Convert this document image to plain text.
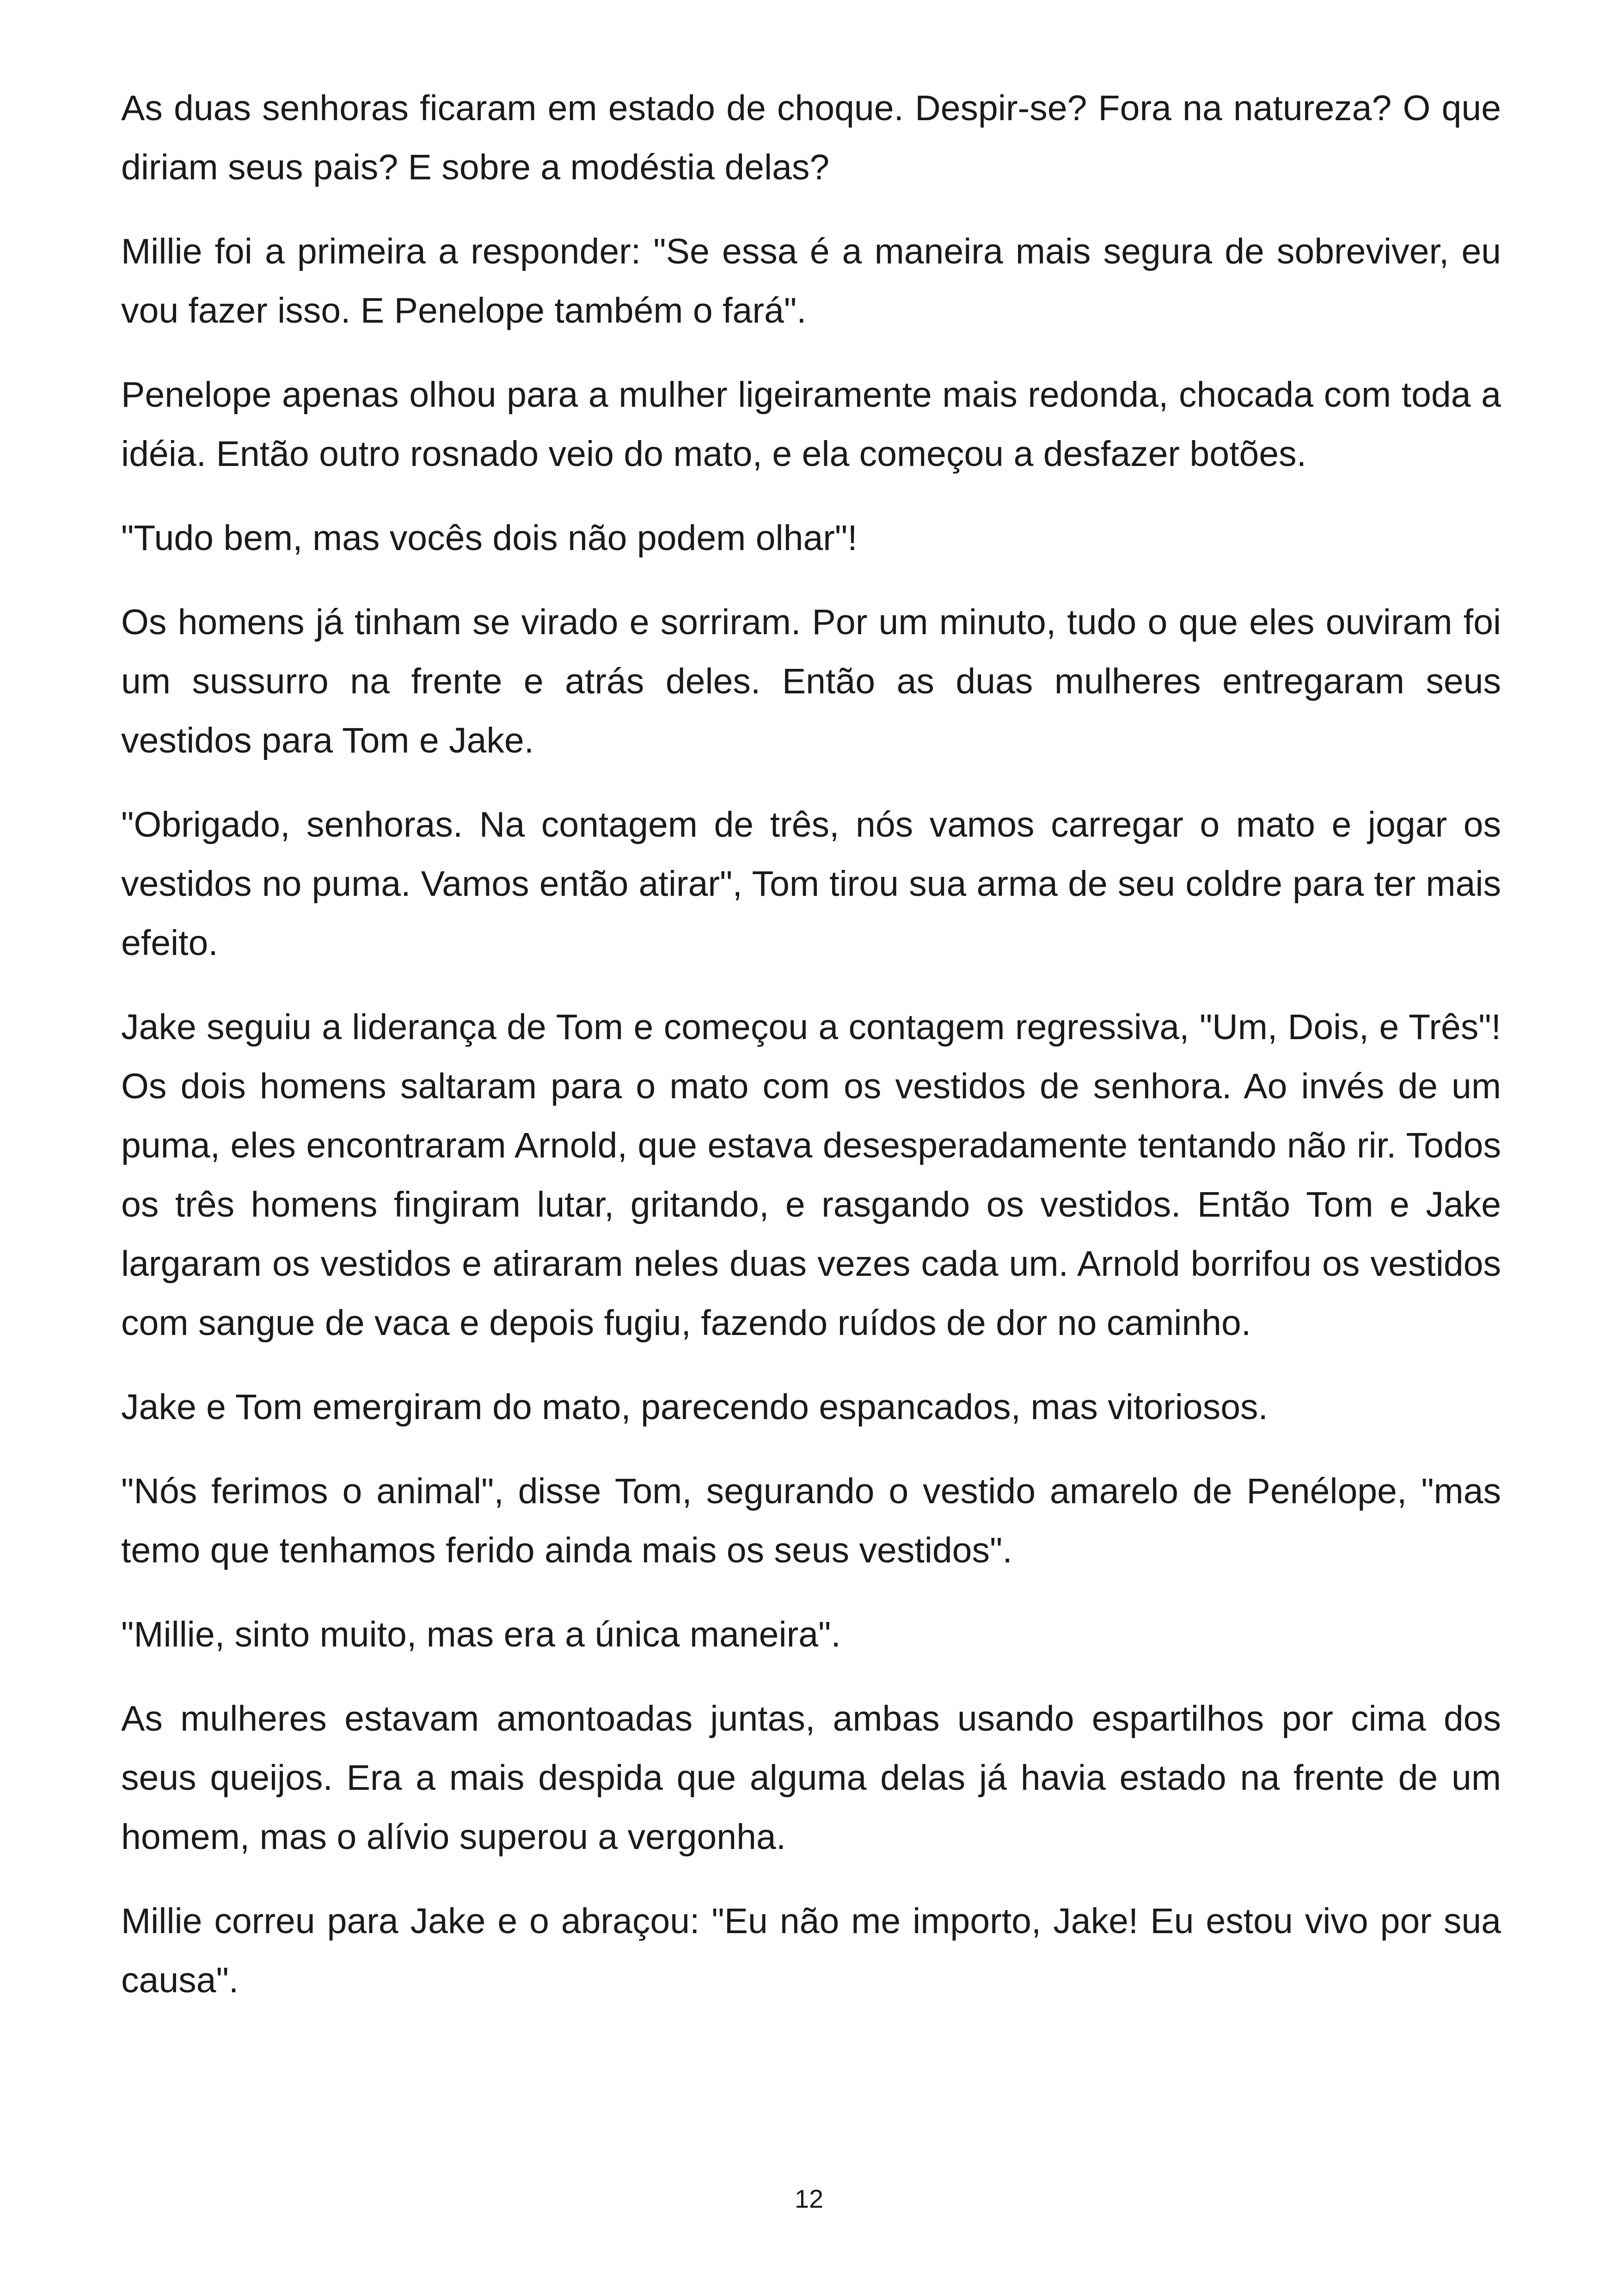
As duas senhoras ficaram em estado de choque. Despir-se? Fora na natureza? O que diriam seus pais? E sobre a modéstia delas?

Millie foi a primeira a responder: "Se essa é a maneira mais segura de sobreviver, eu vou fazer isso. E Penelope também o fará".

Penelope apenas olhou para a mulher ligeiramente mais redonda, chocada com toda a idéia. Então outro rosnado veio do mato, e ela começou a desfazer botões.

"Tudo bem, mas vocês dois não podem olhar"!

Os homens já tinham se virado e sorriram. Por um minuto, tudo o que eles ouviram foi um sussurro na frente e atrás deles. Então as duas mulheres entregaram seus vestidos para Tom e Jake.

"Obrigado, senhoras. Na contagem de três, nós vamos carregar o mato e jogar os vestidos no puma. Vamos então atirar", Tom tirou sua arma de seu coldre para ter mais efeito.

Jake seguiu a liderança de Tom e começou a contagem regressiva, "Um, Dois, e Três"! Os dois homens saltaram para o mato com os vestidos de senhora. Ao invés de um puma, eles encontraram Arnold, que estava desesperadamente tentando não rir. Todos os três homens fingiram lutar, gritando, e rasgando os vestidos. Então Tom e Jake largaram os vestidos e atiraram neles duas vezes cada um. Arnold borrifou os vestidos com sangue de vaca e depois fugiu, fazendo ruídos de dor no caminho.

Jake e Tom emergiram do mato, parecendo espancados, mas vitoriosos.

"Nós ferimos o animal", disse Tom, segurando o vestido amarelo de Penélope, "mas temo que tenhamos ferido ainda mais os seus vestidos".

"Millie, sinto muito, mas era a única maneira".

As mulheres estavam amontoadas juntas, ambas usando espartilhos por cima dos seus queijos. Era a mais despida que alguma delas já havia estado na frente de um homem, mas o alívio superou a vergonha.

Millie correu para Jake e o abraçou: "Eu não me importo, Jake! Eu estou vivo por sua causa".

12
